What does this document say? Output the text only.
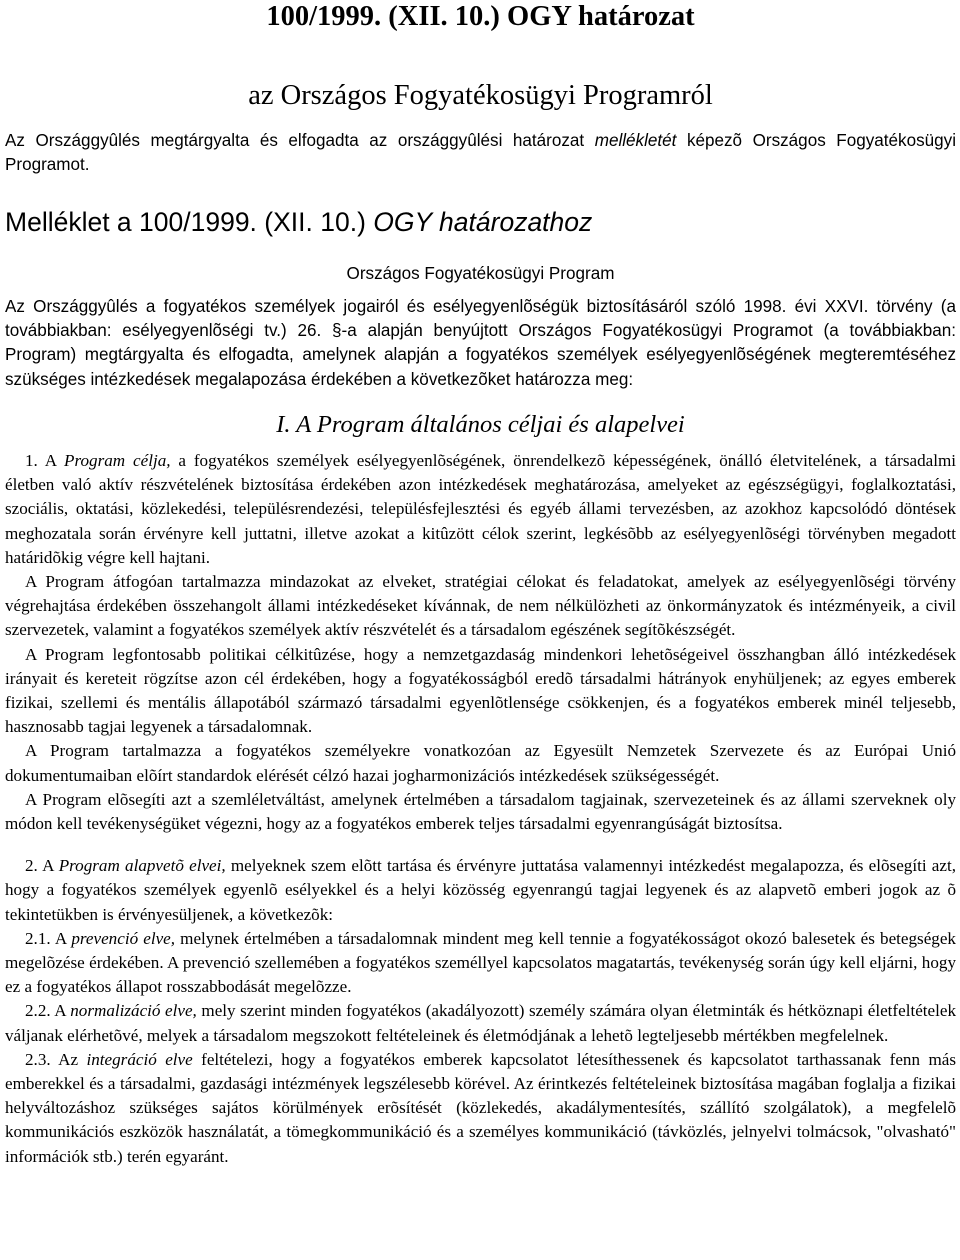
100/1999. (XII. 10.) OGY határozat
az Országos Fogyatékosügyi Programról

Az Országgyûlés megtárgyalta és elfogadta az országgyûlési határozat mellékletét képezõ Országos Fogyatékosügyi Programot.

Melléklet a 100/1999. (XII. 10.) OGY határozathoz

Országos Fogyatékosügyi Program

Az Országgyûlés a fogyatékos személyek jogairól és esélyegyenlõségük biztosításáról szóló 1998. évi XXVI. törvény (a továbbiakban: esélyegyenlõségi tv.) 26. §-a alapján benyújtott Országos Fogyatékosügyi Programot (a továbbiakban: Program) megtárgyalta és elfogadta, amelynek alapján a fogyatékos személyek esélyegyenlõségének megteremtéséhez szükséges intézkedések megalapozása érdekében a következõket határozza meg:

I. A Program általános céljai és alapelvei

1. A Program célja, a fogyatékos személyek esélyegyenlõségének, önrendelkezõ képességének, önálló életvitelének, a társadalmi életben való aktív részvételének biztosítása érdekében azon intézkedések meghatározása, amelyeket az egészségügyi, foglalkoztatási, szociális, oktatási, közlekedési, településrendezési, településfejlesztési és egyéb állami tervezésben, az azokhoz kapcsolódó döntések meghozatala során érvényre kell juttatni, illetve azokat a kitûzött célok szerint, legkésõbb az esélyegyenlõségi törvényben megadott határidõkig végre kell hajtani.

A Program átfogóan tartalmazza mindazokat az elveket, stratégiai célokat és feladatokat, amelyek az esélyegyenlõségi törvény végrehajtása érdekében összehangolt állami intézkedéseket kívánnak, de nem nélkülözheti az önkormányzatok és intézményeik, a civil szervezetek, valamint a fogyatékos személyek aktív részvételét és a társadalom egészének segítõkészségét.

A Program legfontosabb politikai célkitûzése, hogy a nemzetgazdaság mindenkori lehetõségeivel összhangban álló intézkedések irányait és kereteit rögzítse azon cél érdekében, hogy a fogyatékosságból eredõ társadalmi hátrányok enyhüljenek; az egyes emberek fizikai, szellemi és mentális állapotából származó társadalmi egyenlõtlensége csökkenjen, és a fogyatékos emberek minél teljesebb, hasznosabb tagjai legyenek a társadalomnak.

A Program tartalmazza a fogyatékos személyekre vonatkozóan az Egyesült Nemzetek Szervezete és az Európai Unió dokumentumaiban elõírt standardok elérését célzó hazai jogharmonizációs intézkedések szükségességét.

A Program elõsegíti azt a szemléletváltást, amelynek értelmében a társadalom tagjainak, szervezeteinek és az állami szerveknek oly módon kell tevékenységüket végezni, hogy az a fogyatékos emberek teljes társadalmi egyenrangúságát biztosítsa.

2. A Program alapvetõ elvei, melyeknek szem elõtt tartása és érvényre juttatása valamennyi intézkedést megalapozza, és elõsegíti azt, hogy a fogyatékos személyek egyenlõ esélyekkel és a helyi közösség egyenrangú tagjai legyenek és az alapvetõ emberi jogok az õ tekintetükben is érvényesüljenek, a következõk:

2.1. A prevenció elve, melynek értelmében a társadalomnak mindent meg kell tennie a fogyatékosságot okozó balesetek és betegségek megelõzése érdekében. A prevenció szellemében a fogyatékos személlyel kapcsolatos magatartás, tevékenység során úgy kell eljárni, hogy ez a fogyatékos állapot rosszabbodását megelõzze.

2.2. A normalizáció elve, mely szerint minden fogyatékos (akadályozott) személy számára olyan életminták és hétköznapi életfeltételek váljanak elérhetõvé, melyek a társadalom megszokott feltételeinek és életmódjának a lehetõ legteljesebb mértékben megfelelnek.

2.3. Az integráció elve feltételezi, hogy a fogyatékos emberek kapcsolatot létesíthessenek és kapcsolatot tarthassanak fenn más emberekkel és a társadalmi, gazdasági intézmények legszélesebb körével. Az érintkezés feltételeinek biztosítása magában foglalja a fizikai helyváltozáshoz szükséges sajátos körülmények erõsítését (közlekedés, akadálymentesítés, szállító szolgálatok), a megfelelõ kommunikációs eszközök használatát, a tömegkommunikáció és a személyes kommunikáció (távközlés, jelnyelvi tolmácsok, "olvasható" információk stb.) terén egyaránt.
